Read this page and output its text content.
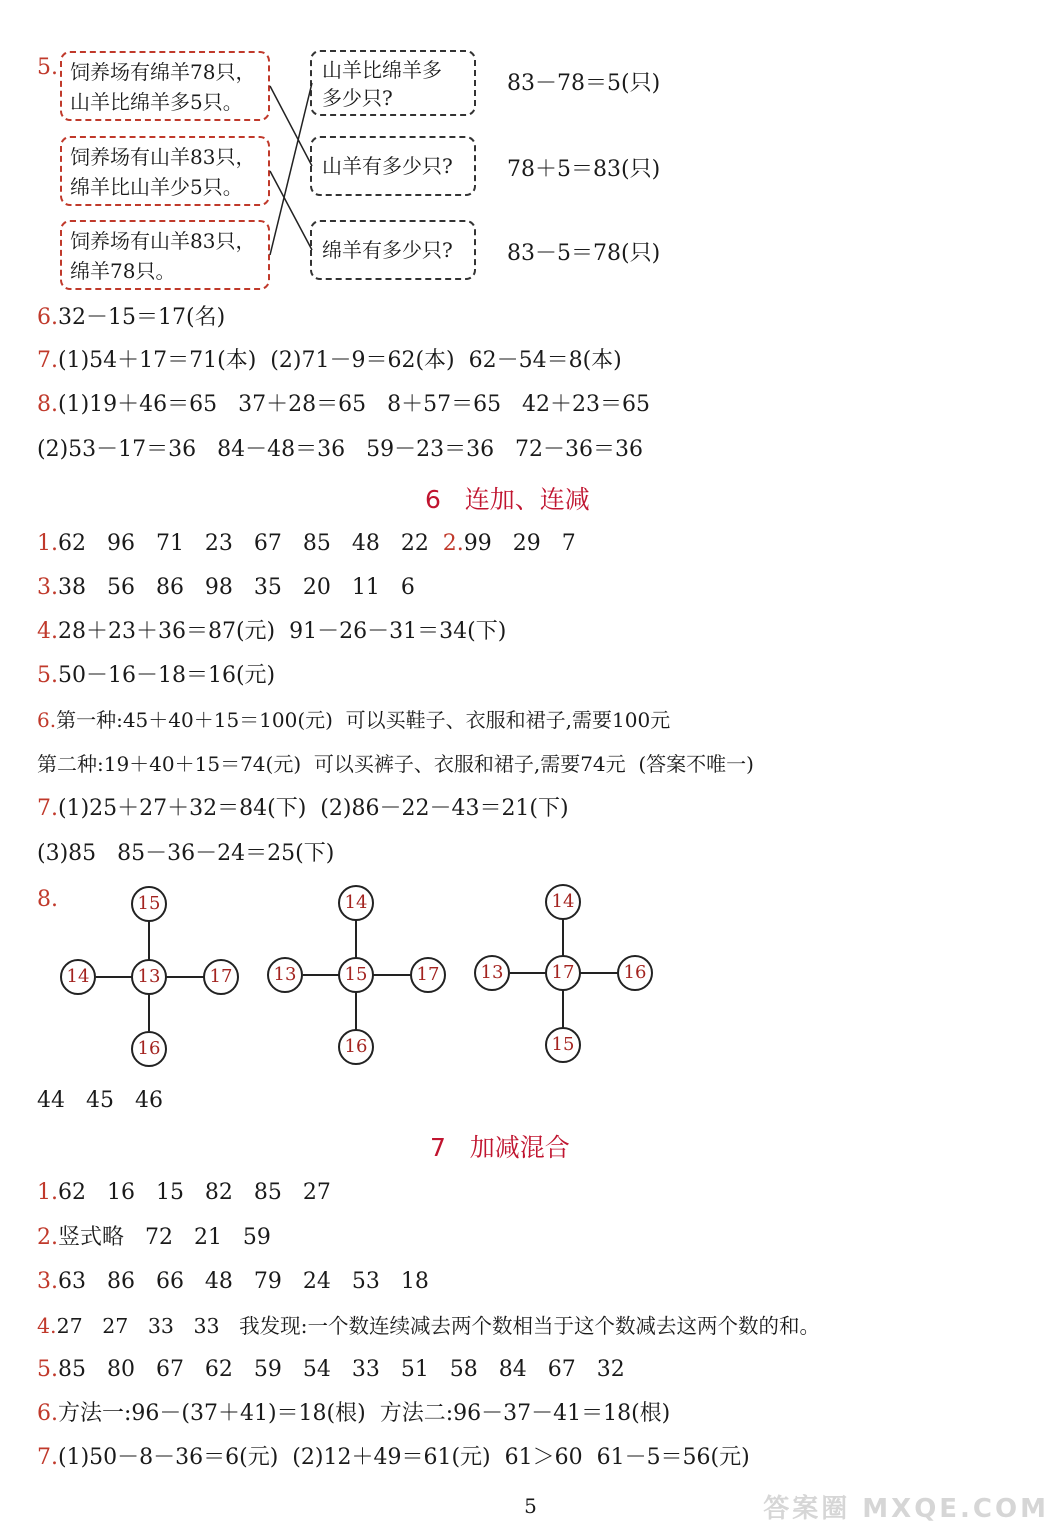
5. 饲养场有绵羊78只，
山羊比绵羊多5只。
饲养场有山羊83只，
绵羊比山羊少5只。
饲养场有山羊83只，
绵羊78只。
山羊比绵羊多
多少只?
山羊有多少只?
绵羊有多少只?
83－78＝5(只)
78＋5＝83(只)
83－5＝78(只)
6.32－15＝17(名)
7.(1)54＋17＝71(本)  (2)71－9＝62(本)  62－54＝8(本)
8.(1)19＋46＝65   37＋28＝65   8＋57＝65   42＋23＝65
(2)53－17＝36   84－48＝36   59－23＝36   72－36＝36
6   连加、连减
1.62   96   71   23   67   85   48   22  2.99   29   7
3.38   56   86   98   35   20   11   6
4.28＋23＋36＝87(元)  91－26－31＝34(下)
5.50－16－18＝16(元)
6.第一种:45＋40＋15＝100(元)  可以买鞋子、衣服和裙子,需要100元
第二种:19＋40＋15＝74(元)  可以买裤子、衣服和裙子,需要74元  (答案不唯一)
7.(1)25＋27＋32＝84(下)  (2)86－22－43＝21(下)
(3)85   85－36－24＝25(下)
8.	15
14	13	17
16
14
13	15	17
16
14
13	17	16
15
44   45   46
7   加减混合
1.62   16   15   82   85   27
2.竖式略   72   21   59
3.63   86   66   48   79   24   53   18
4.27   27   33   33   我发现:一个数连续减去两个数相当于这个数减去这两个数的和。
5.85   80   67   62   59   54   33   51   58   84   67   32
6.方法一:96－(37＋41)＝18(根)  方法二:96－37－41＝18(根)
7.(1)50－8－36＝6(元)  (2)12＋49＝61(元)  61＞60  61－5＝56(元)
5	答案圈 MXQE.COM
